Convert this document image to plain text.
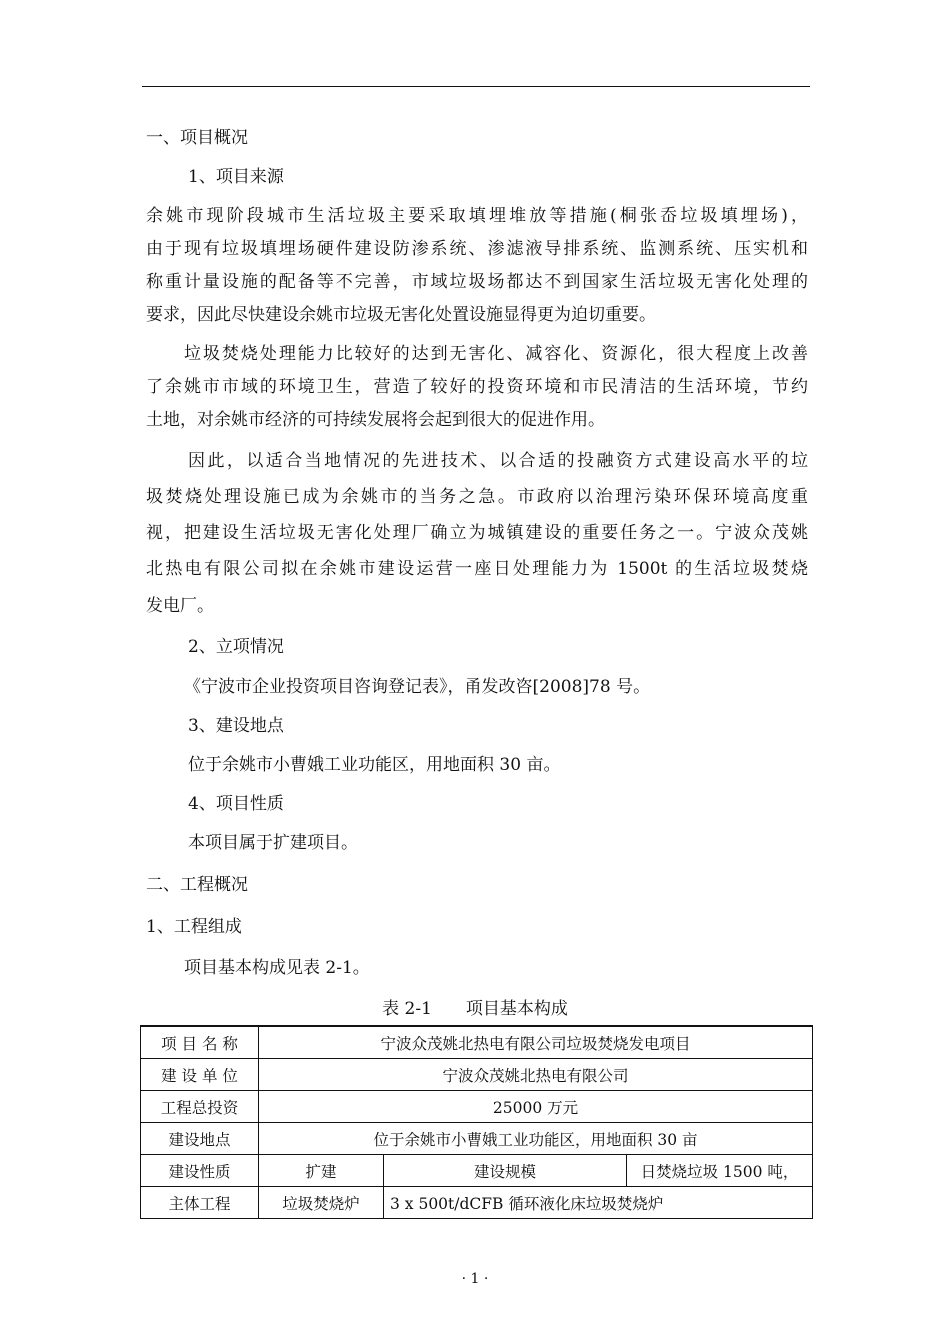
一、项目概况
1、项目来源
余姚市现阶段城市生活垃圾主要采取填埋堆放等措施(桐张岙垃圾填埋场)，
由于现有垃圾填埋场硬件建设防渗系统、渗滤液导排系统、监测系统、压实机和
称重计量设施的配备等不完善，市域垃圾场都达不到国家生活垃圾无害化处理的
要求，因此尽快建设余姚市垃圾无害化处置设施显得更为迫切重要。
垃圾焚烧处理能力比较好的达到无害化、减容化、资源化，很大程度上改善
了余姚市市域的环境卫生，营造了较好的投资环境和市民清洁的生活环境，节约
土地，对余姚市经济的可持续发展将会起到很大的促进作用。
因此，以适合当地情况的先进技术、以合适的投融资方式建设高水平的垃
圾焚烧处理设施已成为余姚市的当务之急。市政府以治理污染环保环境高度重
视，把建设生活垃圾无害化处理厂确立为城镇建设的重要任务之一。宁波众茂姚
北热电有限公司拟在余姚市建设运营一座日处理能力为 1500t 的生活垃圾焚烧
发电厂。
2、立项情况
《宁波市企业投资项目咨询登记表》，甬发改咨[2008]78 号。
3、建设地点
位于余姚市小曹娥工业功能区，用地面积 30 亩。
4、项目性质
本项目属于扩建项目。
二、工程概况
1、工程组成
项目基本构成见表 2-1。
表 2-1　　项目基本构成
项 目 名 称	宁波众茂姚北热电有限公司垃圾焚烧发电项目		
建 设 单 位	宁波众茂姚北热电有限公司		
工程总投资	25000 万元		
建设地点	位于余姚市小曹娥工业功能区，用地面积 30 亩		
建设性质	扩建	建设规模	日焚烧垃圾 1500 吨，
主体工程	垃圾焚烧炉	3 x 500t/dCFB 循环液化床垃圾焚烧炉	
· 1 ·
